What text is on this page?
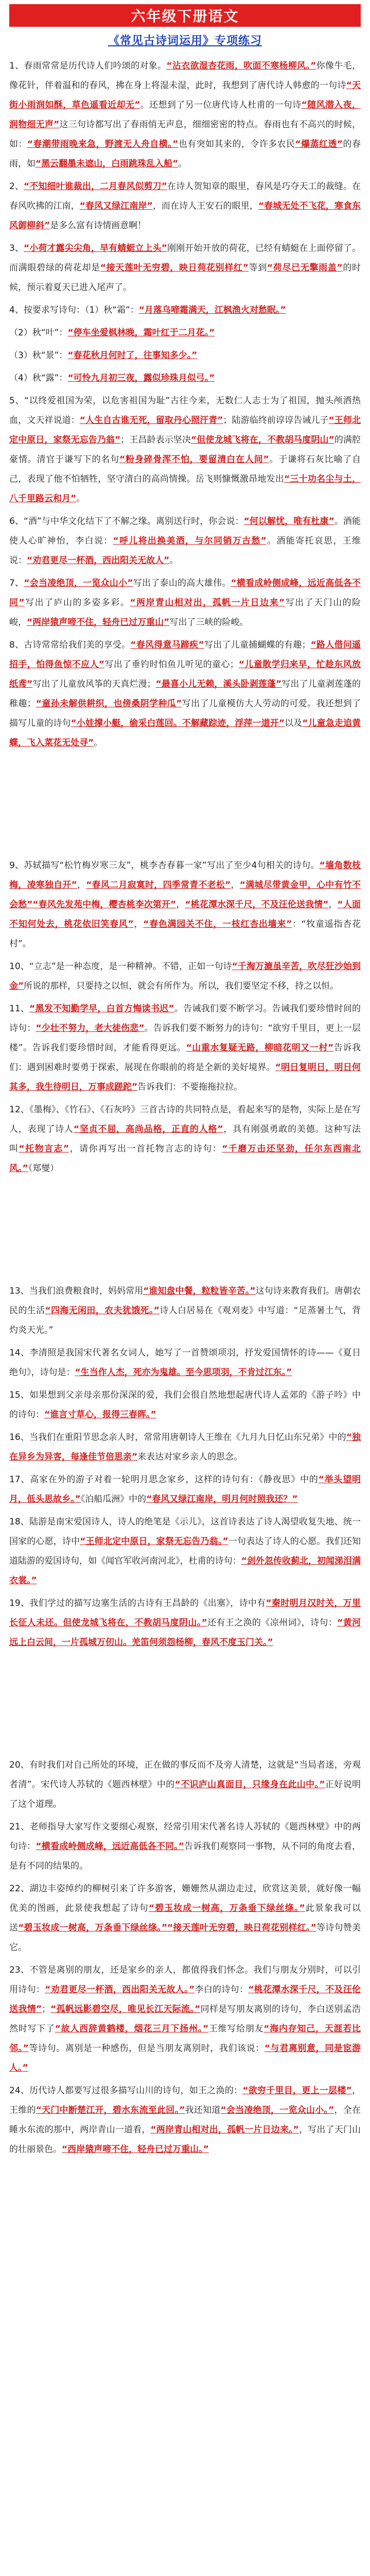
六年级下册语文
《常见古诗词运用》专项练习

1、春雨常常是历代诗人们吟颂的对象。“沾衣欲湿杏花雨，吹面不寒杨柳风。”你像牛毛，像花针，伴着温和的春风，拂在身上将湿未湿，此时，我想到了唐代诗人韩愈的一句诗“天街小雨润如酥，草色遥看近却无”。还想到了另一位唐代诗人杜甫的一句诗“随风潜入夜，润物细无声”这三句诗都写出了春雨悄无声息，细细密密的特点。春雨也有不高兴的时候，如：“春潮带雨晚来急，野渡无人舟自横。”也有突如其来的，令许多农民“爆蒸红透”的春雨，如“黑云翻墨未遮山，白雨跳珠乱入船”。

2、“不知细叶谁裁出，二月春风似剪刀”在诗人贺知章的眼里，春风是巧夺天工的裁缝。在春风吹拂的江南，“春风又绿江南岸”，而在诗人王安石的眼里，“春城无处不飞花，寒食东风御柳斜”是多么富有诗情画意啊！

3、“小荷才露尖尖角，早有蜻蜓立上头”刚刚开始开放的荷花，已经有蜻蜓在上面停留了。而满眼碧绿的荷花却是“接天莲叶无穷碧，映日荷花别样红”等到“荷尽已无擎雨盖”的时候，预示着夏天已进入尾声了。

4、按要求写诗句：（1）秋“霜”：“月落乌啼霜满天，江枫渔火对愁眠。”

（2）秋“叶”：“停车坐爱枫林晚，霜叶红于二月花。”

（3）秋“景”：“春花秋月何时了，往事知多少。”

（4）秋“露”：“可怜九月初三夜，露似珍珠月似弓。”

5、“以终爱祖国为荣，以危害祖国为耻”古往今来，无数仁人志士为了祖国，抛头颅洒热血，文天祥说道：“人生自古谁无死，留取丹心照汗青”；陆游临终前谆谆告诫儿子“王师北定中原日，家祭无忘告乃翁”；王昌龄表示坚决“但使龙城飞将在，不教胡马度阴山”的满腔豪情。清官于谦写下的名句“粉身碎骨浑不怕，要留清白在人间”。于谦将石灰比喻了自己，表现了他不怕牺牲，坚守清白的高尚情操。岳飞则慷慨激昂地发出“三十功名尘与土，八千里路云和月”。

6、“酒”与中华文化结下了不解之缘。离别送行时，你会说：“何以解忧，唯有杜康”。酒能使人心旷神怡，李白说：“呼儿将出换美酒，与尔同销万古愁”。酒能寄托哀思，王维说：“劝君更尽一杯酒，西出阳关无故人”。

7、“会当凌绝顶，一览众山小”写出了泰山的高大雄伟。“横看成岭侧成峰，远近高低各不同”写出了庐山的多姿多彩。“两岸青山相对出，孤帆一片日边来”写出了天门山的险峻，“两岸猿声啼不住，轻舟已过万重山”写出了三峡的险峻。

8、古诗常常给我们美的享受。“春风得意马蹄疾”写出了儿童捕蝴蝶的有趣；“路人借问遥招手，怕得鱼惊不应人”写出了垂钓时怕鱼儿听见的童心；“儿童散学归来早，忙趁东风放纸鸢”写出了儿童放风筝的天真烂漫；“最喜小儿无赖，溪头卧剥莲蓬”写出了儿童剥莲蓬的稚趣；“童孙未解供耕织，也傍桑阴学种瓜”写出了儿童模仿大人劳动的可爱。我还想到了描写儿童的诗句“小娃撑小艇，偷采白莲回。不解藏踪迹，浮萍一道开”以及“儿童急走追黄蝶，飞入菜花无处寻”。

9、苏轼描写“松竹梅岁寒三友”，桃李杏春暮一家”写出了至少4句相关的诗句。“墙角数枝梅，凌寒独自开”，“春风二月寂寞时，四季常青不老松”，“满城尽带黄金甲，心中有竹不会愁”“春风先发苑中梅，樱杏桃李次第开”，“桃花潭水深千尺，不及汪伦送我情”，“人面不知何处去，桃花依旧笑春风”，“春色满园关不住，一枝红杏出墙来”：“牧童遥指杏花村”。

10、“立志”是一种态度，是一种精神。不错，正如一句诗“千淘万漉虽辛苦，吹尽狂沙始到金”所说的那样，只要持之以恒，就会有所作为。所以，我们要坚定不移，持之以恒。

11、“黑发不知勤学早，白首方悔读书迟”。告诫我们要不断学习。告诫我们要珍惜时间的诗句：“少壮不努力，老大徒伤悲”。告诉我们要不断努力的诗句：“欲穷千里目，更上一层楼”。告诉我们要珍惜时间，才能看得更远。“山重水复疑无路，柳暗花明又一村”告诉我们：遇到困难时要勇于探索，展现在你眼前的将是全新的美好境界。“明日复明日，明日何其多，我生待明日，万事成蹉跎”告诉我们：不要拖拖拉拉。

12、《墨梅》、《竹石》、《石灰吟》三首古诗的共同特点是，看起来写的是物，实际上是在写人，表现了诗人“坚贞不屈，高尚品格，正直的人格”，具有刚强勇敢的美德。这种写法叫“托物言志”，请你再写出一首托物言志的诗句：“千磨万击还坚劲，任尔东西南北风。”（郑燮）

13、当我们浪费粮食时，妈妈常用“谁知盘中餐，粒粒皆辛苦。”这句诗来教育我们。唐朝农民的生活“四海无闲田，农夫犹饿死。”诗人白居易在《观刈麦》中写道：“足蒸暑土气，背灼炎天光。”

14、李清照是我国宋代著名女词人，她写了一首赞颂项羽，抒发爱国情怀的诗——《夏日绝句》，诗句是：“生当作人杰，死亦为鬼雄。至今思项羽，不肯过江东。”

15、如果想到父亲母亲那份深深的爱，我们会很自然地想起唐代诗人孟郊的《游子吟》中的诗句：“谁言寸草心，报得三春晖。”

16、当我们在重阳节思念亲人时，常常用唐朝诗人王维在《九月九日忆山东兄弟》中的“独在异乡为异客，每逢佳节倍思亲”来表达对家乡亲人的思念。

17、高家在外的游子对着一轮明月思念家乡，这样的诗句有：《静夜思》中的“举头望明月，低头思故乡。”《泊船瓜洲》中的“春风又绿江南岸，明月何时照我还？”

18、陆游是南宋爱国诗人，诗人的绝笔是《示儿》，这首诗表达了诗人渴望收复失地、统一国家的心愿，诗中“王师北定中原日，家祭无忘告乃翁。”一句表达了诗人的心愿。我们还知道陆游的爱国诗句，如《闻官军收河南河北》，杜甫的诗句：“剑外忽传收蓟北，初闻涕泪满衣裳。”

19、我们学过的描写边塞生活的古诗有王昌龄的《出塞》，诗中有“秦时明月汉时关，万里长征人未还。但使龙城飞将在，不教胡马度阴山。”还有王之涣的《凉州词》，诗句：“黄河远上白云间，一片孤城万仞山。羌笛何须怨杨柳，春风不度玉门关。”

20、有时我们对自己所处的环境，正在做的事反而不及旁人清楚，这就是“当局者迷，旁观者清”。宋代诗人苏轼的《题西林壁》中的“不识庐山真面目，只缘身在此山中。”正好说明了这个道理。

21、老师指导大家写作文要细心观察，经常引用宋代著名诗人苏轼的《题西林壁》中的两句诗：“横看成岭侧成峰，远近高低各不同。”告诉我们观察同一事物，从不同的角度去看，是有不同的结果的。

22、湖边丰姿绰约的柳树引来了许多游客，姗姗然从湖边走过，欣赏这美景，就好像一幅优美的图画，此景使我想起了诗句“碧玉妆成一树高，万条垂下绿丝绦。”此景象我可以送“碧玉妆成一树高，万条垂下绿丝绦。”“接天莲叶无穷碧，映日荷花别样红。”等诗句赞美它。

23、不管是离别的朋友，还是家乡的亲人，都值得我们怀念。我们与朋友分别时，可以引用诗句：“劝君更尽一杯酒，西出阳关无故人。”李白的诗句：“桃花潭水深千尺，不及汪伦送我情”；“孤帆远影碧空尽，唯见长江天际流。”同样是写朋友离别的诗句，李白送别孟浩然时写下了“故人西辞黄鹤楼，烟花三月下扬州。”王维写给朋友“海内存知己，天涯若比邻。”等诗句。离别是一种感伤，但是当朋友离别时，我们该说：“与君离别意，同是宦游人。”

24、历代诗人都要写过很多描写山川的诗句，如王之涣的：“欲穷千里目，更上一层楼”，王维的“天门中断楚江开，碧水东流至此回。”我还知道“会当凌绝顶，一览众山小。”，全在睡水东流的那中，两岸青山一道看，“两岸青山相对出，孤帆一片日边来。”，写出了天门山的壮丽景色。“西岸猿声啼不住，轻舟已过万重山。”
